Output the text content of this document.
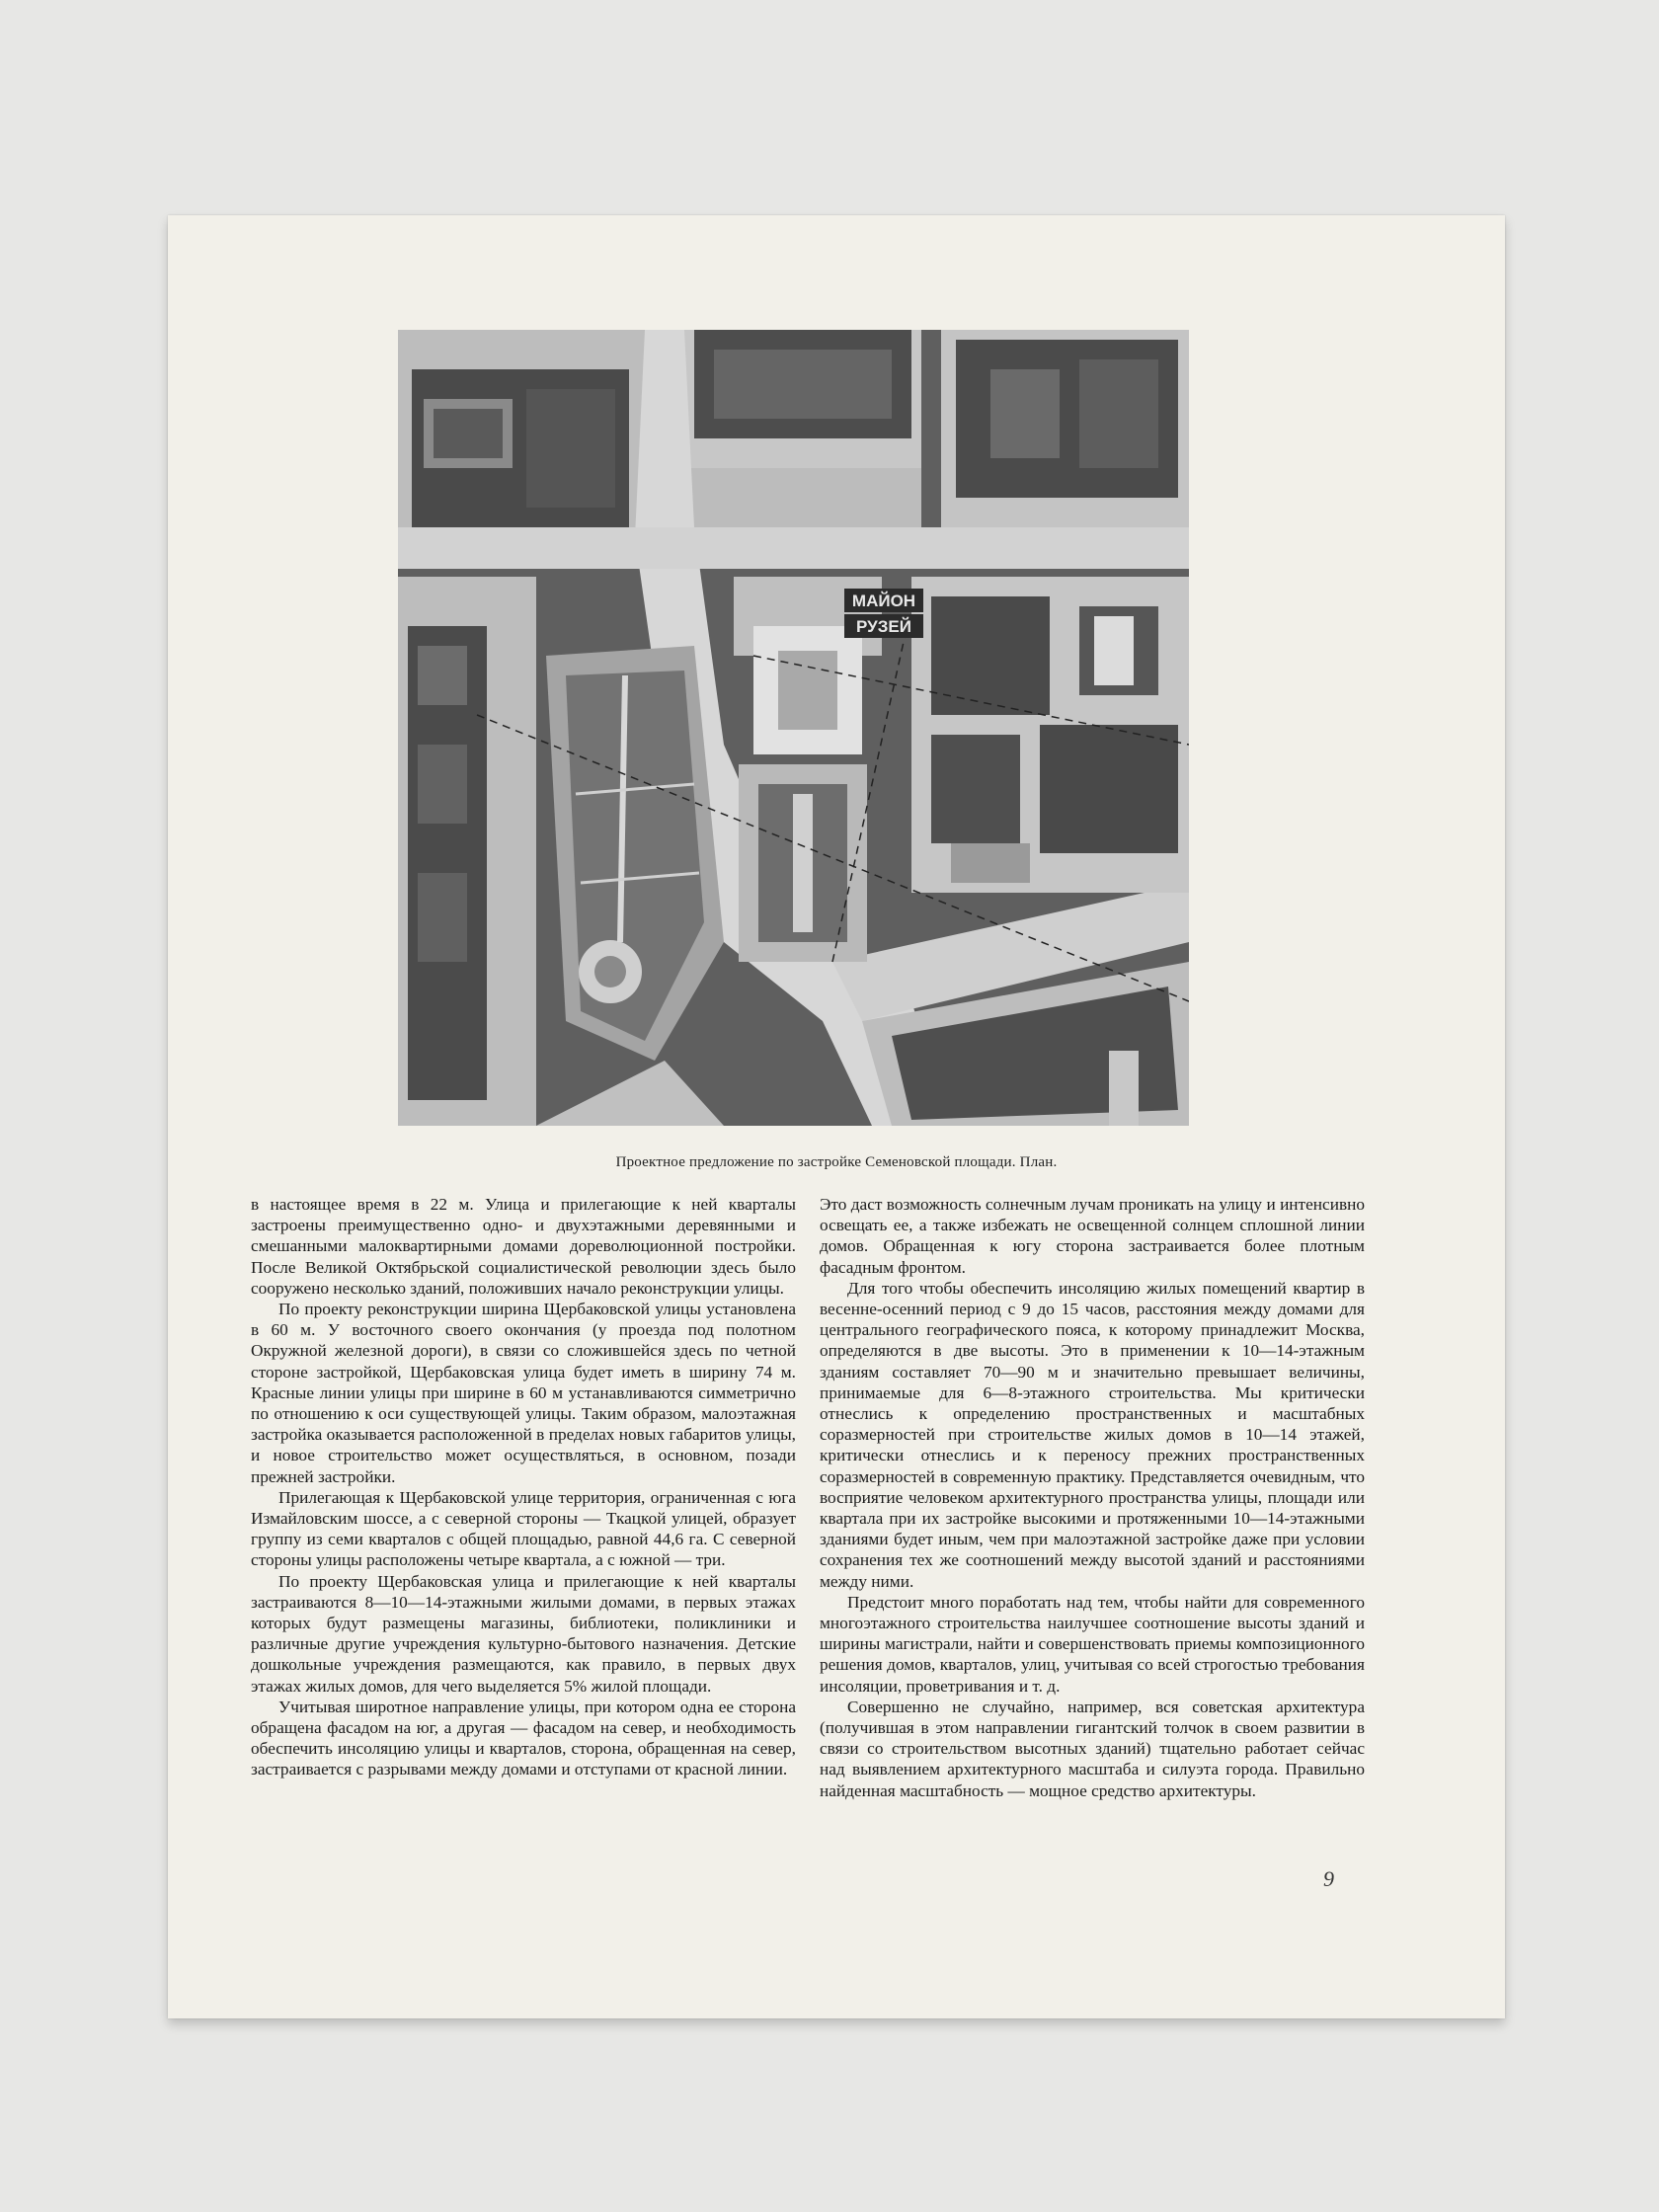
МАЙОН
РУЗЕЙ
Проектное предложение по застройке Семеновской площади. План.

в настоящее время в 22 м. Улица и прилегающие к ней кварталы застроены преимущественно одно- и двухэтажными деревянными и смешанными малоквартирными домами дореволюционной постройки. После Великой Октябрьской социалистической революции здесь было сооружено несколько зданий, положивших начало реконструкции улицы.

По проекту реконструкции ширина Щербаковской улицы установлена в 60 м. У восточного своего окончания (у проезда под полотном Окружной железной дороги), в связи со сложившейся здесь по четной стороне застройкой, Щербаковская улица будет иметь в ширину 74 м. Красные линии улицы при ширине в 60 м устанавливаются симметрично по отношению к оси существующей улицы. Таким образом, малоэтажная застройка оказывается расположенной в пределах новых габаритов улицы, и новое строительство может осуществляться, в основном, позади прежней застройки.

Прилегающая к Щербаковской улице территория, ограниченная с юга Измайловским шоссе, а с северной стороны — Ткацкой улицей, образует группу из семи кварталов с общей площадью, равной 44,6 га. С северной стороны улицы расположены четыре квартала, а с южной — три.

По проекту Щербаковская улица и прилегающие к ней кварталы застраиваются 8—10—14-этажными жилыми домами, в первых этажах которых будут размещены магазины, библиотеки, поликлиники и различные другие учреждения культурно-бытового назначения. Детские дошкольные учреждения размещаются, как правило, в первых двух этажах жилых домов, для чего выделяется 5% жилой площади.

Учитывая широтное направление улицы, при котором одна ее сторона обращена фасадом на юг, а другая — фасадом на север, и необходимость обеспечить инсоляцию улицы и кварталов, сторона, обращенная на север, застраивается с разрывами между домами и отступами от красной линии.

Это даст возможность солнечным лучам проникать на улицу и интенсивно освещать ее, а также избежать не освещенной солнцем сплошной линии домов. Обращенная к югу сторона застраивается более плотным фасадным фронтом.

Для того чтобы обеспечить инсоляцию жилых помещений квартир в весенне-осенний период с 9 до 15 часов, расстояния между домами для центрального географического пояса, к которому принадлежит Москва, определяются в две высоты. Это в применении к 10—14-этажным зданиям составляет 70—90 м и значительно превышает величины, принимаемые для 6—8-этажного строительства. Мы критически отнеслись к определению пространственных и масштабных соразмерностей при строительстве жилых домов в 10—14 этажей, критически отнеслись и к переносу прежних пространственных соразмерностей в современную практику. Представляется очевидным, что восприятие человеком архитектурного пространства улицы, площади или квартала при их застройке высокими и протяженными 10—14-этажными зданиями будет иным, чем при малоэтажной застройке даже при условии сохранения тех же соотношений между высотой зданий и расстояниями между ними.

Предстоит много поработать над тем, чтобы найти для современного многоэтажного строительства наилучшее соотношение высоты зданий и ширины магистрали, найти и совершенствовать приемы композиционного решения домов, кварталов, улиц, учитывая со всей строгостью требования инсоляции, проветривания и т. д.

Совершенно не случайно, например, вся советская архитектура (получившая в этом направлении гигантский толчок в своем развитии в связи со строительством высотных зданий) тщательно работает сейчас над выявлением архитектурного масштаба и силуэта города. Правильно найденная масштабность — мощное средство архитектуры.

9
